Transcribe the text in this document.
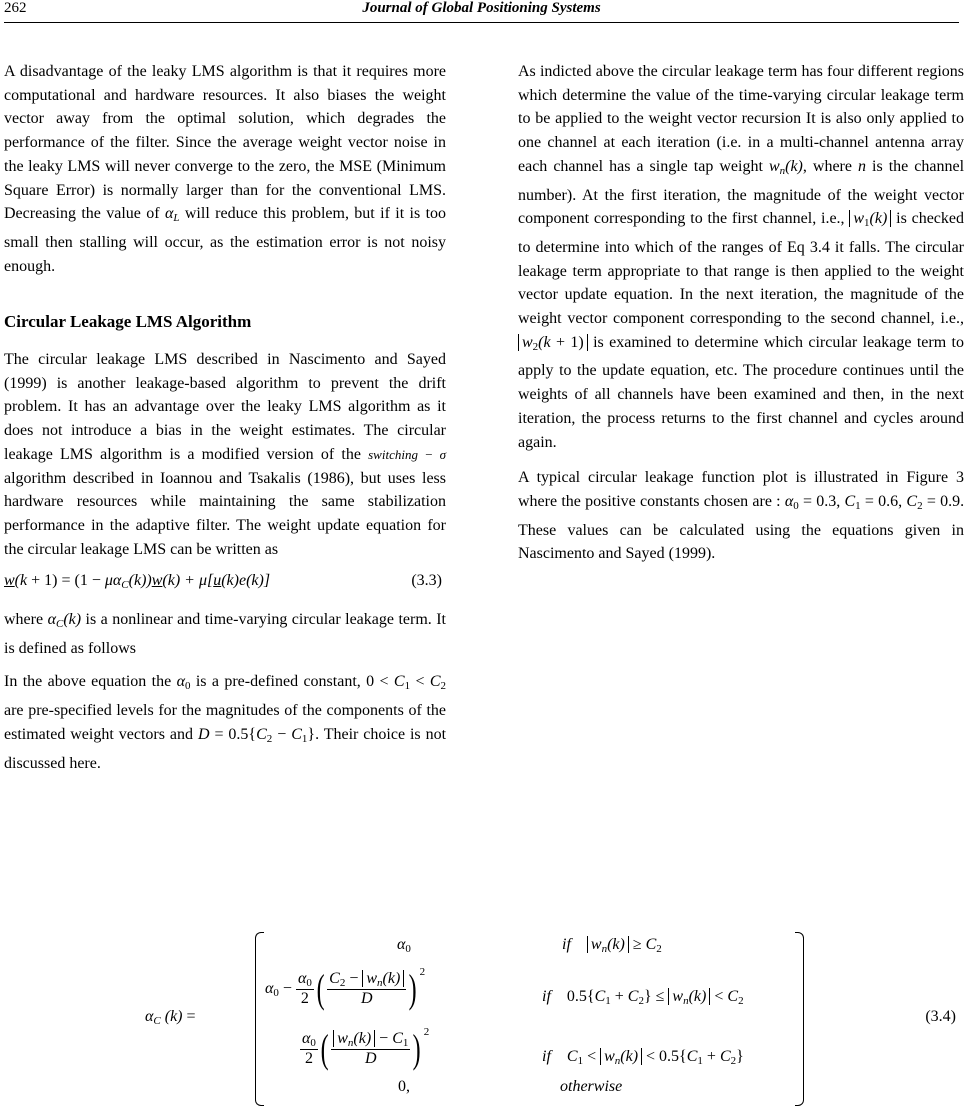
262	Journal of Global Positioning Systems

A disadvantage of the leaky LMS algorithm is that it requires more computational and hardware resources. It also biases the weight vector away from the optimal solution, which degrades the performance of the filter. Since the average weight vector noise in the leaky LMS will never converge to the zero, the MSE (Minimum Square Error) is normally larger than for the conventional LMS. Decreasing the value of αL will reduce this problem, but if it is too small then stalling will occur, as the estimation error is not noisy enough.

Circular Leakage LMS Algorithm

The circular leakage LMS described in Nascimento and Sayed (1999) is another leakage-based algorithm to prevent the drift problem. It has an advantage over the leaky LMS algorithm as it does not introduce a bias in the weight estimates. The circular leakage LMS algorithm is a modified version of the switching − σ algorithm described in Ioannou and Tsakalis (1986), but uses less hardware resources while maintaining the same stabilization performance in the adaptive filter. The weight update equation for the circular leakage LMS can be written as

w(k + 1) = (1 − μαC(k))w(k) + μ[u(k)e(k)]	(3.3)

where αC(k) is a nonlinear and time-varying circular leakage term. It is defined as follows

In the above equation the $\alpha_0$ is a pre-defined constant, $0 < C_1 < C_2$ are pre-specified levels for the magnitudes of the components of the estimated weight vectors and $D = 0.5\{C_2 - C_1\}$. Their choice is not discussed here.

As indicted above the circular leakage term has four different regions which determine the value of the time-varying circular leakage term to be applied to the weight vector recursion It is also only applied to one channel at each iteration (i.e. in a multi-channel antenna array each channel has a single tap weight wn(k), where n is the channel number). At the first iteration, the magnitude of the weight vector component corresponding to the first channel, i.e., $w_1(k)$ is checked to determine into which of the ranges of Eq 3.4 it falls. The circular leakage term appropriate to that range is then applied to the weight vector update equation. In the next iteration, the magnitude of the weight vector component corresponding to the second channel, i.e., $w_2(k + 1)$ is examined to determine which circular leakage term to apply to the update equation, etc. The procedure continues until the weights of all channels have been examined and then, in the next iteration, the process returns to the first channel and cycles around again.

A typical circular leakage function plot is illustrated in Figure 3 where the positive constants chosen are : $\alpha_0 = 0.3$, $C_1 = 0.6$, $C_2 = 0.9$. These values can be calculated using the equations given in Nascimento and Sayed (1999).

αC (k) =
$\alpha_0$	if $wn(k) \ge C_2$
$\alpha_0 - \frac{\alpha_0}{2}$ ( $\frac{C_2 - wn(k)}{D}$ ) $^2$
if $0.5\{C_1 + C_2\} \le wn(k) < C_2$
$\frac{\alpha_0}{2}$ ( $\frac{wn(k) - C_1}{D}$ ) $^2$
if    $C_1 < wn(k) < 0.5\{C_1 + C_2\}$
0,	otherwise
(3.4)
